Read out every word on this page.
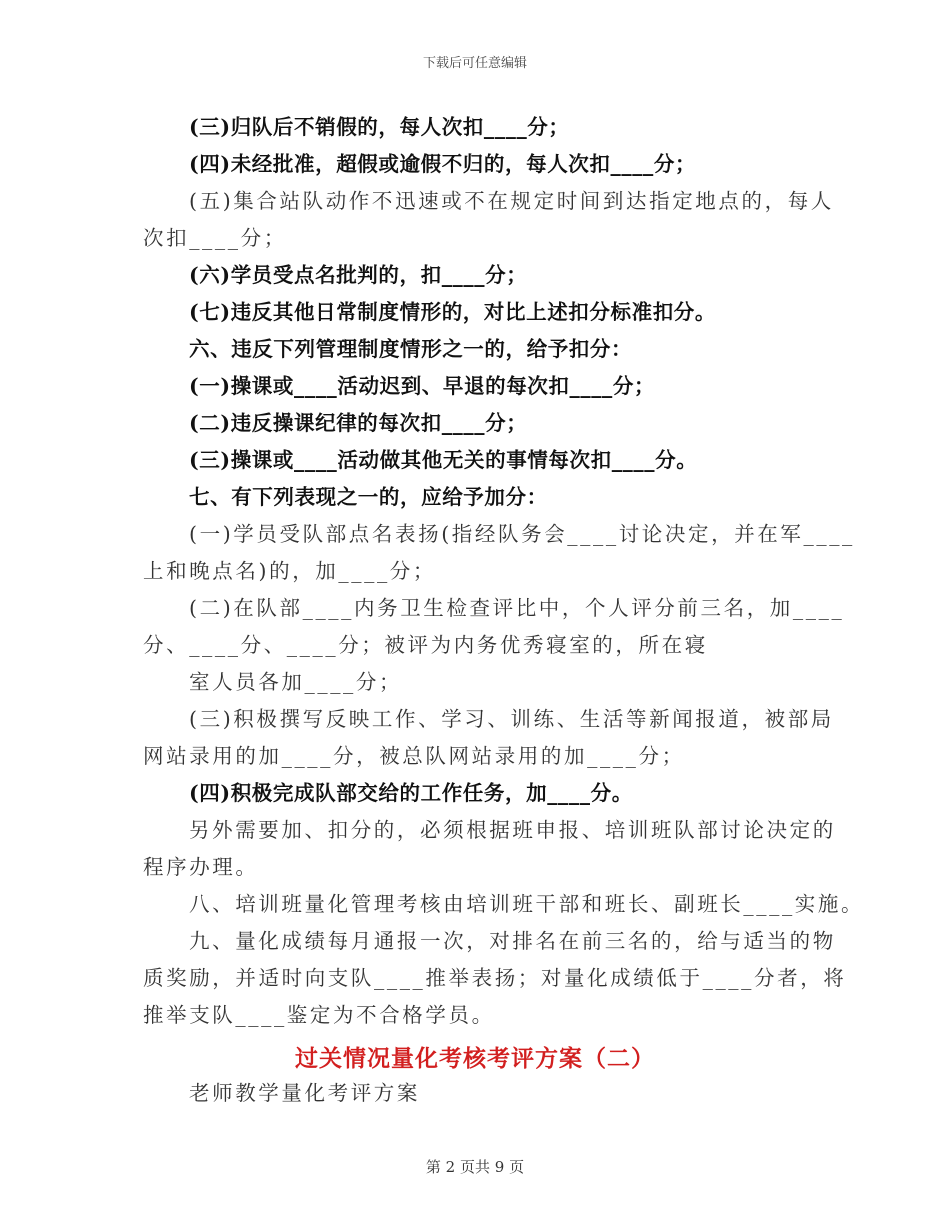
下载后可任意编辑
(三)归队后不销假的，每人次扣____分；
(四)未经批准，超假或逾假不归的，每人次扣____分；
(五)集合站队动作不迅速或不在规定时间到达指定地点的，每人
次扣____分；
(六)学员受点名批判的，扣____分；
(七)违反其他日常制度情形的，对比上述扣分标准扣分。
六、违反下列管理制度情形之一的，给予扣分：
(一)操课或____活动迟到、早退的每次扣____分；
(二)违反操课纪律的每次扣____分；
(三)操课或____活动做其他无关的事情每次扣____分。
七、有下列表现之一的，应给予加分：
(一)学员受队部点名表扬(指经队务会____讨论决定，并在军____
上和晚点名)的，加____分；
(二)在队部____内务卫生检查评比中，个人评分前三名，加____
分、____分、____分；被评为内务优秀寝室的，所在寝
室人员各加____分；
(三)积极撰写反映工作、学习、训练、生活等新闻报道，被部局
网站录用的加____分，被总队网站录用的加____分；
(四)积极完成队部交给的工作任务，加____分。
另外需要加、扣分的，必须根据班申报、培训班队部讨论决定的
程序办理。
八、培训班量化管理考核由培训班干部和班长、副班长____实施。
九、量化成绩每月通报一次，对排名在前三名的，给与适当的物
质奖励，并适时向支队____推举表扬；对量化成绩低于____分者，将
推举支队____鉴定为不合格学员。
过关情况量化考核考评方案（二）
老师教学量化考评方案
第 2 页共 9 页
